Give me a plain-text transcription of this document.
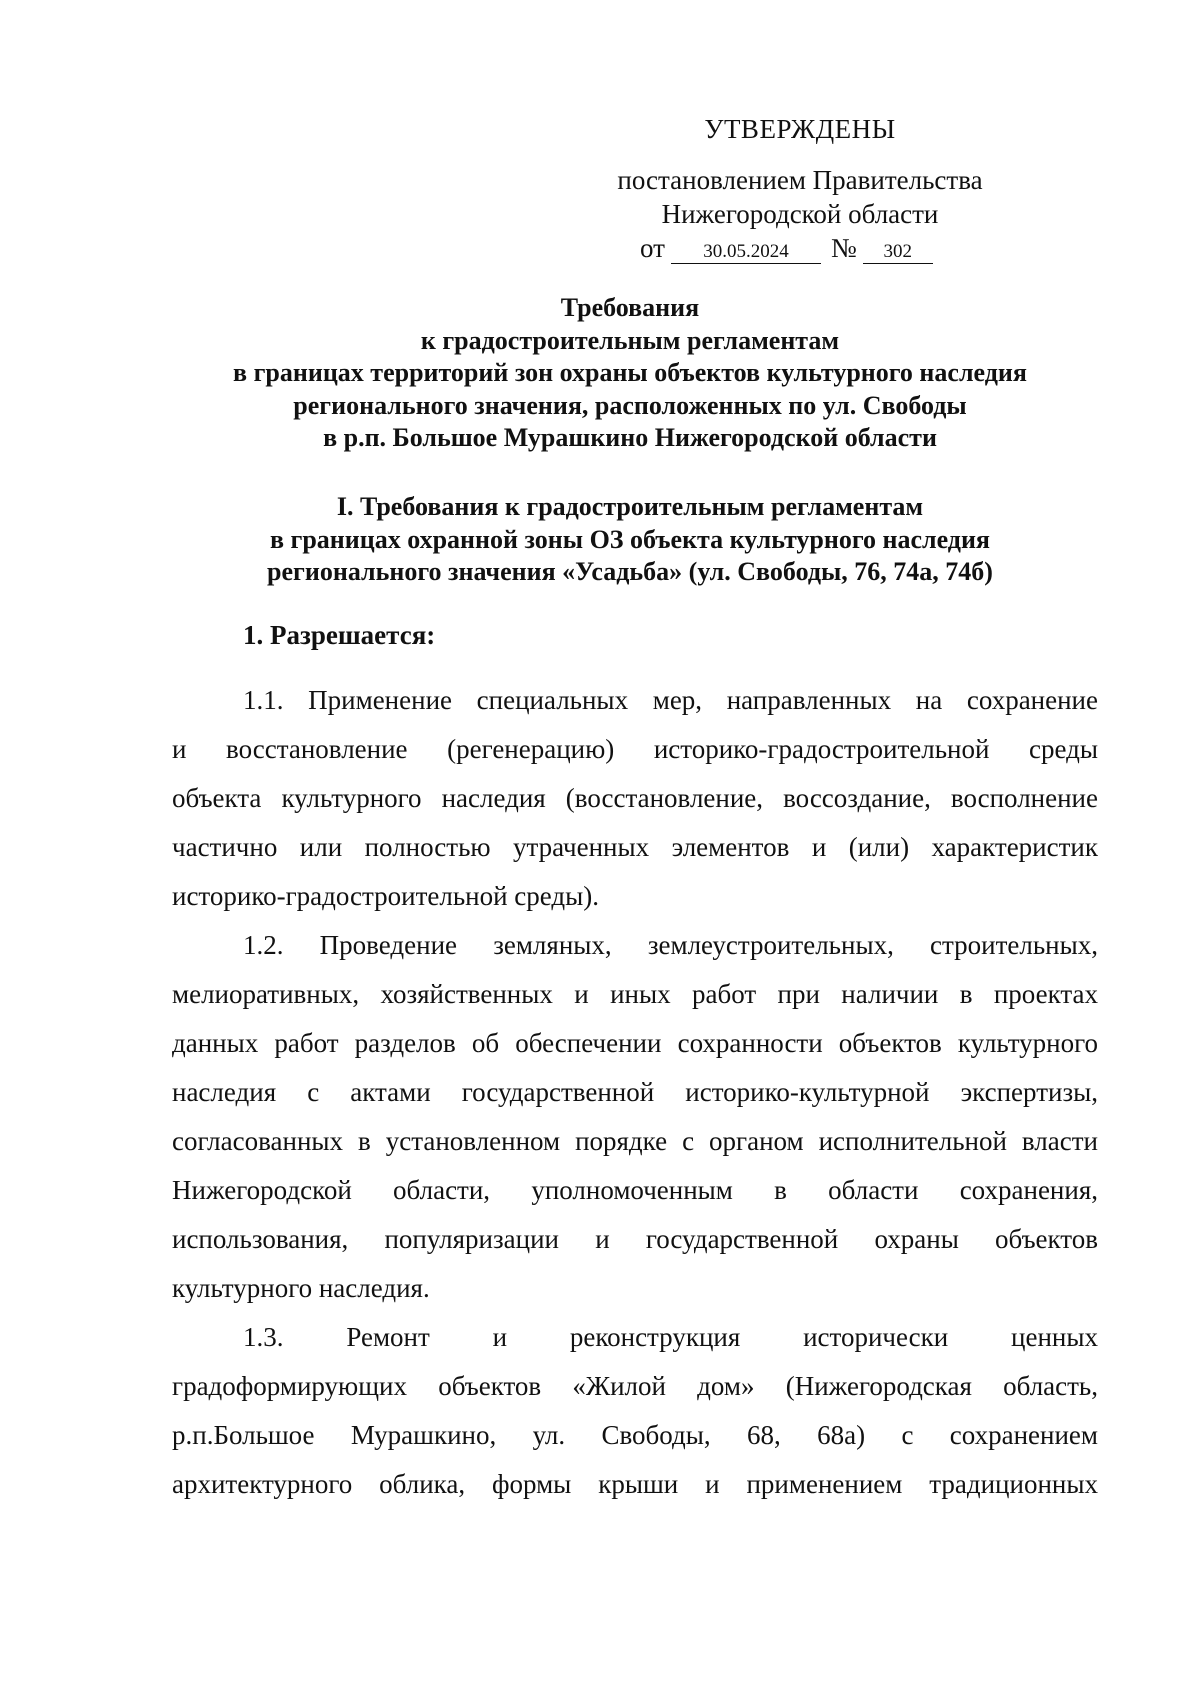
УТВЕРЖДЕНЫ
постановлением Правительства
Нижегородской области
от 30.05.2024 № 302
Требования
к градостроительным регламентам
в границах территорий зон охраны объектов культурного наследия
регионального значения, расположенных по ул. Свободы
в р.п. Большое Мурашкино Нижегородской области
I. Требования к градостроительным регламентам
в границах охранной зоны ОЗ объекта культурного наследия
регионального значения «Усадьба» (ул. Свободы, 76, 74а, 74б)
1. Разрешается:
1.1. Применение специальных мер, направленных на сохранение
и восстановление (регенерацию) историко-градостроительной среды
объекта культурного наследия (восстановление, воссоздание, восполнение
частично или полностью утраченных элементов и (или) характеристик
историко-градостроительной среды).
1.2. Проведение земляных, землеустроительных, строительных,
мелиоративных, хозяйственных и иных работ при наличии в проектах
данных работ разделов об обеспечении сохранности объектов культурного
наследия с актами государственной историко-культурной экспертизы,
согласованных в установленном порядке с органом исполнительной власти
Нижегородской области, уполномоченным в области сохранения,
использования, популяризации и государственной охраны объектов
культурного наследия.
1.3. Ремонт и реконструкция исторически ценных
градоформирующих объектов «Жилой дом» (Нижегородская область,
р.п.Большое Мурашкино, ул. Свободы, 68, 68а) с сохранением
архитектурного облика, формы крыши и применением традиционных
